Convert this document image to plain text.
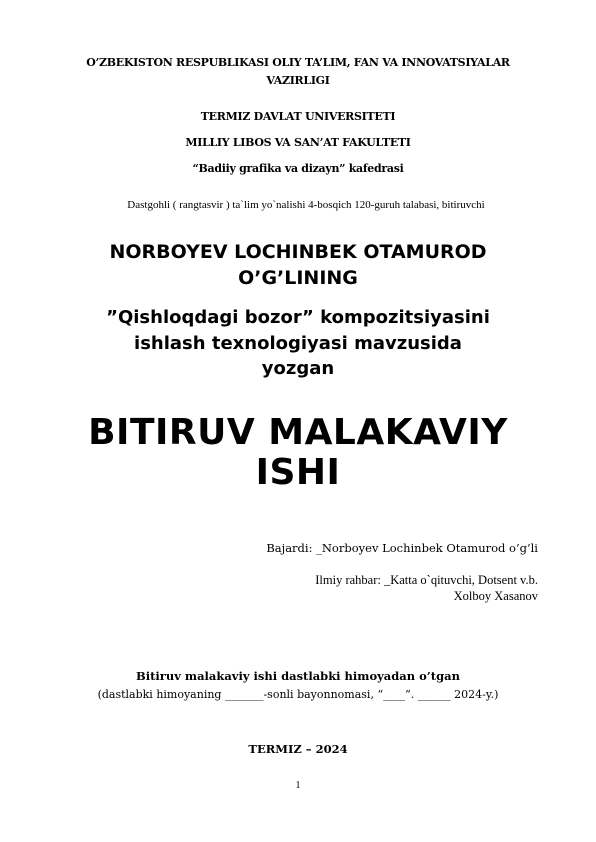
O’ZBEKISTON RESPUBLIKASI OLIY TA’LIM, FAN VA INNOVATSIYALAR VAZIRLIGI
TERMIZ DAVLAT UNIVERSITETI
MILLIY LIBOS VA SAN’AT FAKULTETI
“Badiiy grafika va dizayn” kafedrasi
Dastgohli ( rangtasvir ) ta`lim yo`nalishi 4-bosqich 120-guruh talabasi, bitiruvchi
NORBOYEV LOCHINBEK OTAMUROD
O’G’LINING
”Qishloqdagi bozor” kompozitsiyasini
ishlash texnologiyasi mavzusida
yozgan
BITIRUV MALAKAVIY
ISHI
Bajardi: _Norboyev Lochinbek Otamurod o’g’li
Ilmiy rahbar: _Katta o`qituvchi, Dotsent v.b.
Xolboy Xasanov
Bitiruv malakaviy ishi dastlabki himoyadan o’tgan
(dastlabki himoyaning _______-sonli bayonnomasi, “____”. ______ 2024-y.)
TERMIZ – 2024
1
